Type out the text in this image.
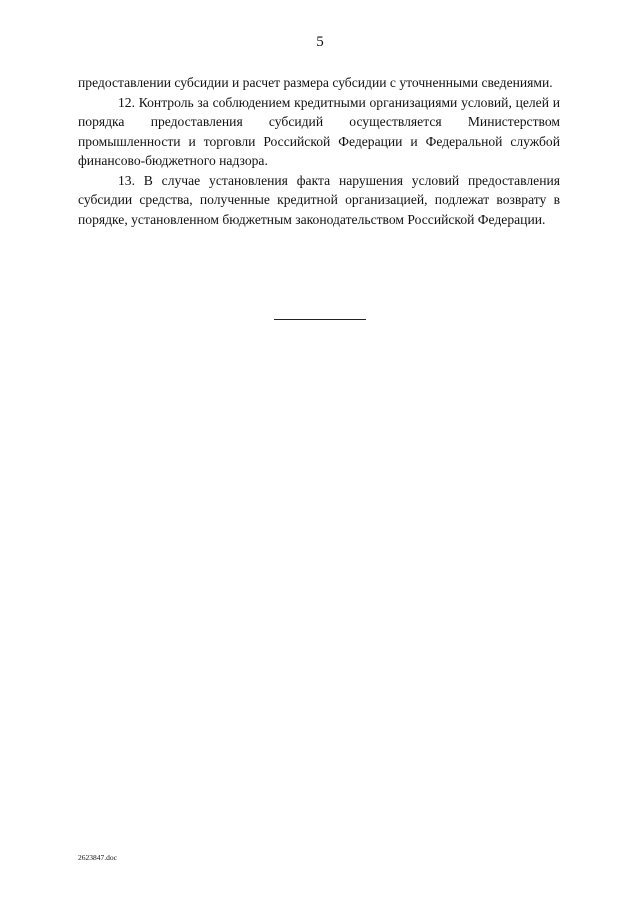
5

предоставлении субсидии и расчет размера субсидии с уточненными сведениями.

12. Контроль за соблюдением кредитными организациями условий, целей и порядка предоставления субсидий осуществляется Министерством промышленности и торговли Российской Федерации и Федеральной службой финансово-бюджетного надзора.

13. В случае установления факта нарушения условий предоставления субсидии средства, полученные кредитной организацией, подлежат возврату в порядке, установленном бюджетным законодательством Российской Федерации.

2623847.doc
